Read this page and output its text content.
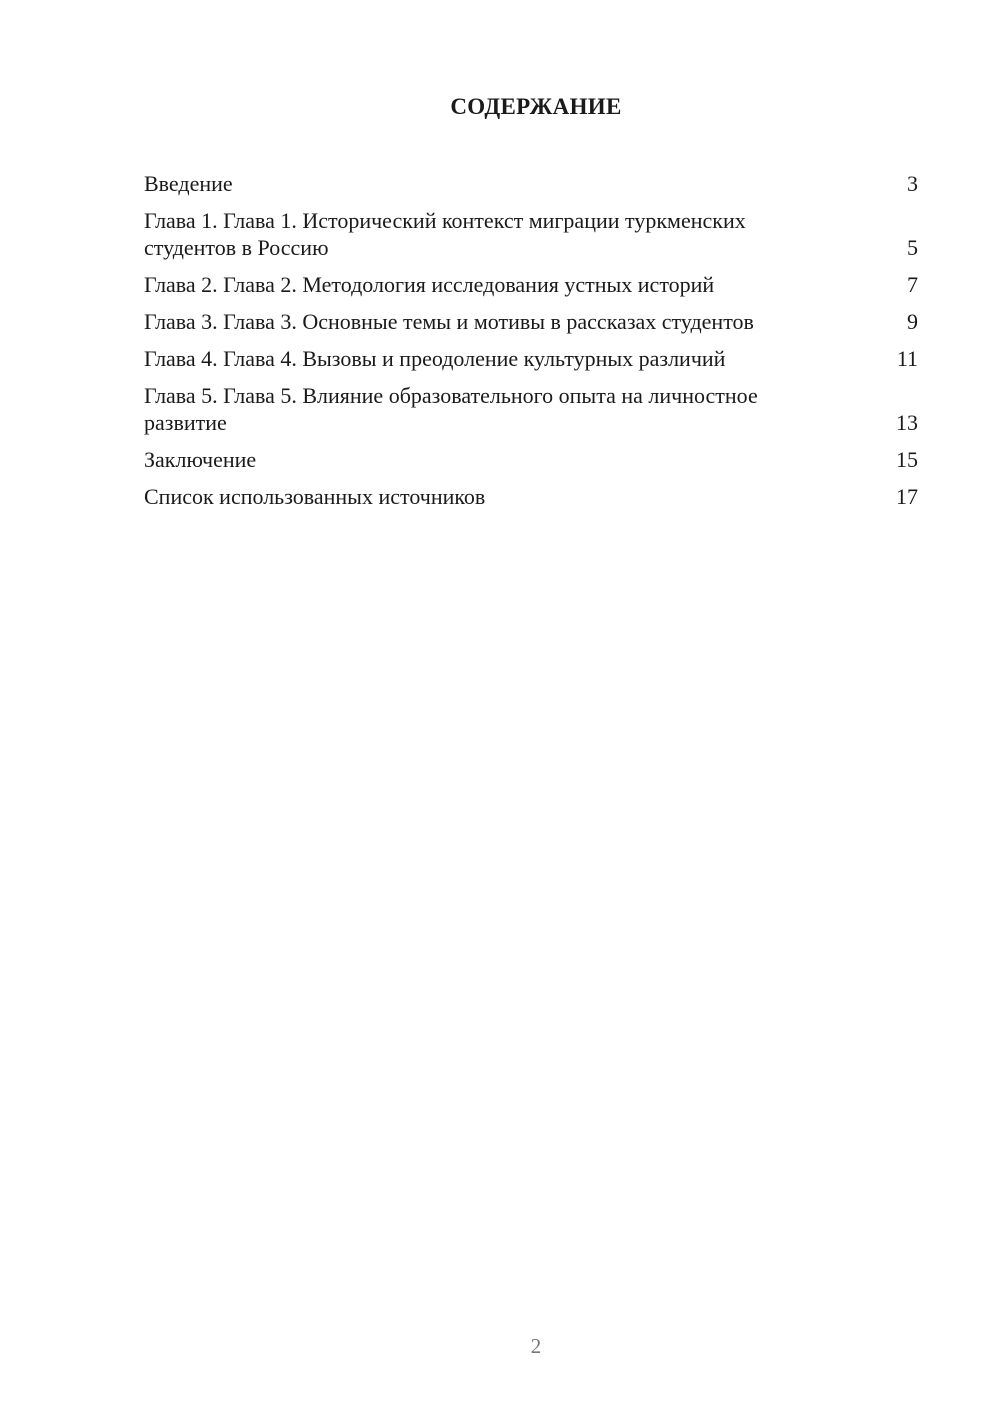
СОДЕРЖАНИЕ
Введение	3
Глава 1. Глава 1. Исторический контекст миграции туркменских студентов в Россию	5
Глава 2. Глава 2. Методология исследования устных историй	7
Глава 3. Глава 3. Основные темы и мотивы в рассказах студентов	9
Глава 4. Глава 4. Вызовы и преодоление культурных различий	11
Глава 5. Глава 5. Влияние образовательного опыта на личностное развитие	13
Заключение	15
Список использованных источников	17
2
